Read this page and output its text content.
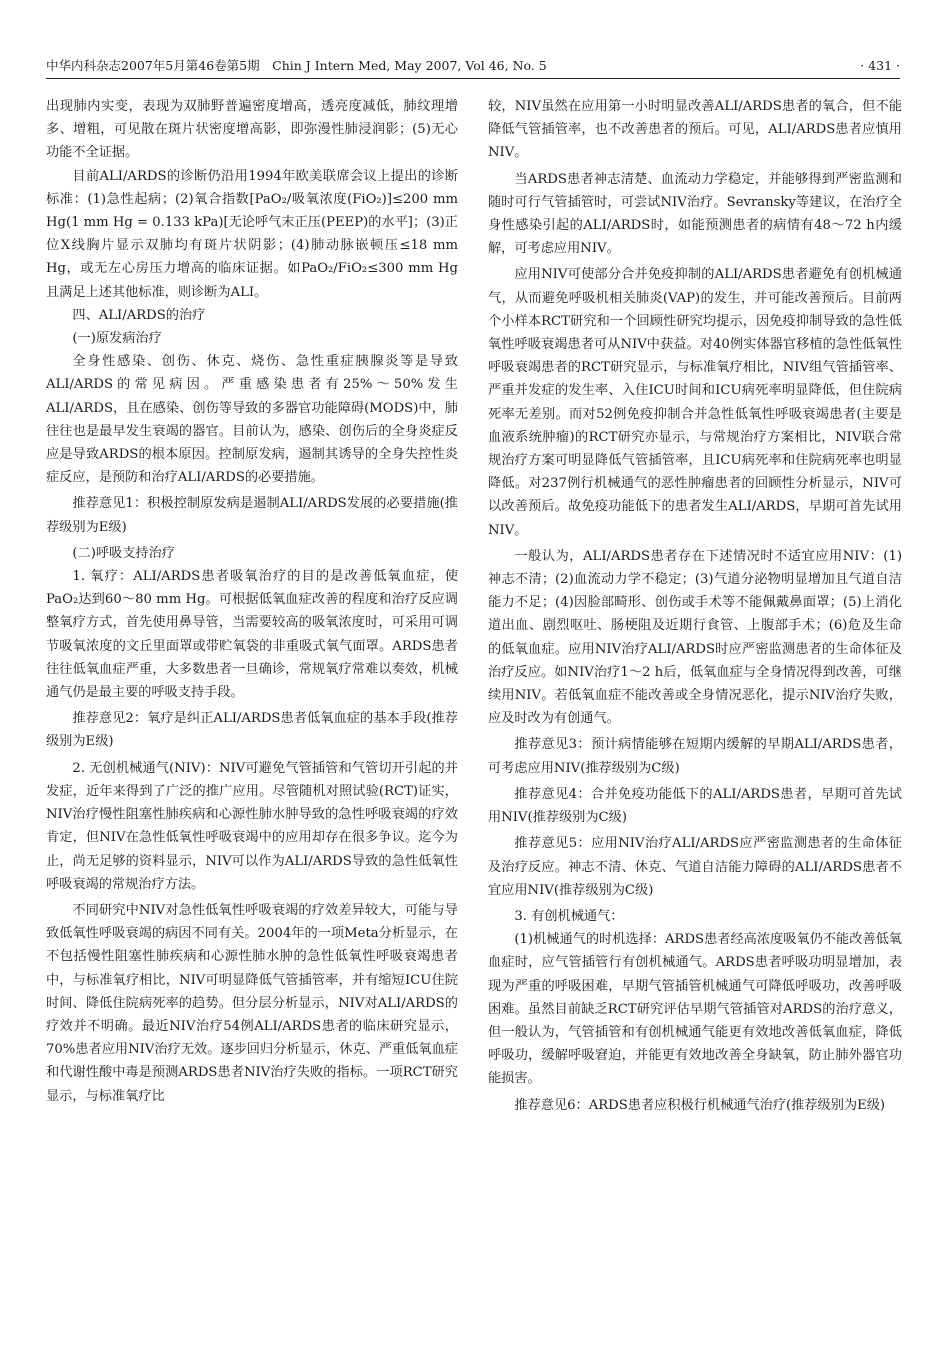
中华内科杂志2007年5月第46卷第5期　Chin J Intern Med, May 2007, Vol 46, No. 5	· 431 ·

出现肺内实变，表现为双肺野普遍密度增高，透亮度减低，肺纹理增多、增粗，可见散在斑片状密度增高影，即弥漫性肺浸润影；(5)无心功能不全证据。

目前ALI/ARDS的诊断仍沿用1994年欧美联席会议上提出的诊断标准：(1)急性起病；(2)氧合指数[PaO₂/吸氧浓度(FiO₂)]≤200 mm Hg(1 mm Hg = 0.133 kPa)[无论呼气末正压(PEEP)的水平]；(3)正位X线胸片显示双肺均有斑片状阴影；(4)肺动脉嵌顿压≤18 mm Hg，或无左心房压力增高的临床证据。如PaO₂/FiO₂≤300 mm Hg且满足上述其他标准，则诊断为ALI。

四、ALI/ARDS的治疗

(一)原发病治疗

全身性感染、创伤、休克、烧伤、急性重症胰腺炎等是导致ALI/ARDS的常见病因。严重感染患者有25%～50%发生ALI/ARDS，且在感染、创伤等导致的多器官功能障碍(MODS)中，肺往往也是最早发生衰竭的器官。目前认为，感染、创伤后的全身炎症反应是导致ARDS的根本原因。控制原发病，遏制其诱导的全身失控性炎症反应，是预防和治疗ALI/ARDS的必要措施。

推荐意见1：积极控制原发病是遏制ALI/ARDS发展的必要措施(推荐级别为E级)

(二)呼吸支持治疗

1. 氧疗：ALI/ARDS患者吸氧治疗的目的是改善低氧血症，使PaO₂达到60～80 mm Hg。可根据低氧血症改善的程度和治疗反应调整氧疗方式，首先使用鼻导管，当需要较高的吸氧浓度时，可采用可调节吸氧浓度的文丘里面罩或带贮氧袋的非重吸式氧气面罩。ARDS患者往往低氧血症严重，大多数患者一旦确诊，常规氧疗常难以奏效，机械通气仍是最主要的呼吸支持手段。

推荐意见2：氧疗是纠正ALI/ARDS患者低氧血症的基本手段(推荐级别为E级)

2. 无创机械通气(NIV)：NIV可避免气管插管和气管切开引起的并发症，近年来得到了广泛的推广应用。尽管随机对照试验(RCT)证实，NIV治疗慢性阻塞性肺疾病和心源性肺水肿导致的急性呼吸衰竭的疗效肯定，但NIV在急性低氧性呼吸衰竭中的应用却存在很多争议。迄今为止，尚无足够的资料显示，NIV可以作为ALI/ARDS导致的急性低氧性呼吸衰竭的常规治疗方法。

不同研究中NIV对急性低氧性呼吸衰竭的疗效差异较大，可能与导致低氧性呼吸衰竭的病因不同有关。2004年的一项Meta分析显示，在不包括慢性阻塞性肺疾病和心源性肺水肿的急性低氧性呼吸衰竭患者中，与标准氧疗相比，NIV可明显降低气管插管率，并有缩短ICU住院时间、降低住院病死率的趋势。但分层分析显示，NIV对ALI/ARDS的疗效并不明确。最近NIV治疗54例ALI/ARDS患者的临床研究显示，70%患者应用NIV治疗无效。逐步回归分析显示，休克、严重低氧血症和代谢性酸中毒是预测ARDS患者NIV治疗失败的指标。一项RCT研究显示，与标准氧疗比

较，NIV虽然在应用第一小时明显改善ALI/ARDS患者的氧合，但不能降低气管插管率，也不改善患者的预后。可见，ALI/ARDS患者应慎用NIV。

当ARDS患者神志清楚、血流动力学稳定，并能够得到严密监测和随时可行气管插管时，可尝试NIV治疗。Sevransky等建议，在治疗全身性感染引起的ALI/ARDS时，如能预测患者的病情有48～72 h内缓解，可考虑应用NIV。

应用NIV可使部分合并免疫抑制的ALI/ARDS患者避免有创机械通气，从而避免呼吸机相关肺炎(VAP)的发生，并可能改善预后。目前两个小样本RCT研究和一个回顾性研究均提示，因免疫抑制导致的急性低氧性呼吸衰竭患者可从NIV中获益。对40例实体器官移植的急性低氧性呼吸衰竭患者的RCT研究显示，与标准氧疗相比，NIV组气管插管率、严重并发症的发生率、入住ICU时间和ICU病死率明显降低，但住院病死率无差别。而对52例免疫抑制合并急性低氧性呼吸衰竭患者(主要是血液系统肿瘤)的RCT研究亦显示，与常规治疗方案相比，NIV联合常规治疗方案可明显降低气管插管率，且ICU病死率和住院病死率也明显降低。对237例行机械通气的恶性肿瘤患者的回顾性分析显示，NIV可以改善预后。故免疫功能低下的患者发生ALI/ARDS，早期可首先试用NIV。

一般认为，ALI/ARDS患者存在下述情况时不适宜应用NIV：(1)神志不清；(2)血流动力学不稳定；(3)气道分泌物明显增加且气道自洁能力不足；(4)因脸部畸形、创伤或手术等不能佩戴鼻面罩；(5)上消化道出血、剧烈呕吐、肠梗阻及近期行食管、上腹部手术；(6)危及生命的低氧血症。应用NIV治疗ALI/ARDS时应严密监测患者的生命体征及治疗反应。如NIV治疗1～2 h后，低氧血症与全身情况得到改善，可继续用NIV。若低氧血症不能改善或全身情况恶化，提示NIV治疗失败，应及时改为有创通气。

推荐意见3：预计病情能够在短期内缓解的早期ALI/ARDS患者，可考虑应用NIV(推荐级别为C级)

推荐意见4：合并免疫功能低下的ALI/ARDS患者，早期可首先试用NIV(推荐级别为C级)

推荐意见5：应用NIV治疗ALI/ARDS应严密监测患者的生命体征及治疗反应。神志不清、休克、气道自洁能力障碍的ALI/ARDS患者不宜应用NIV(推荐级别为C级)

3. 有创机械通气：

(1)机械通气的时机选择：ARDS患者经高浓度吸氧仍不能改善低氧血症时，应气管插管行有创机械通气。ARDS患者呼吸功明显增加，表现为严重的呼吸困难，早期气管插管机械通气可降低呼吸功，改善呼吸困难。虽然目前缺乏RCT研究评估早期气管插管对ARDS的治疗意义，但一般认为，气管插管和有创机械通气能更有效地改善低氧血症，降低呼吸功，缓解呼吸窘迫，并能更有效地改善全身缺氧，防止肺外器官功能损害。

推荐意见6：ARDS患者应积极行机械通气治疗(推荐级别为E级)
